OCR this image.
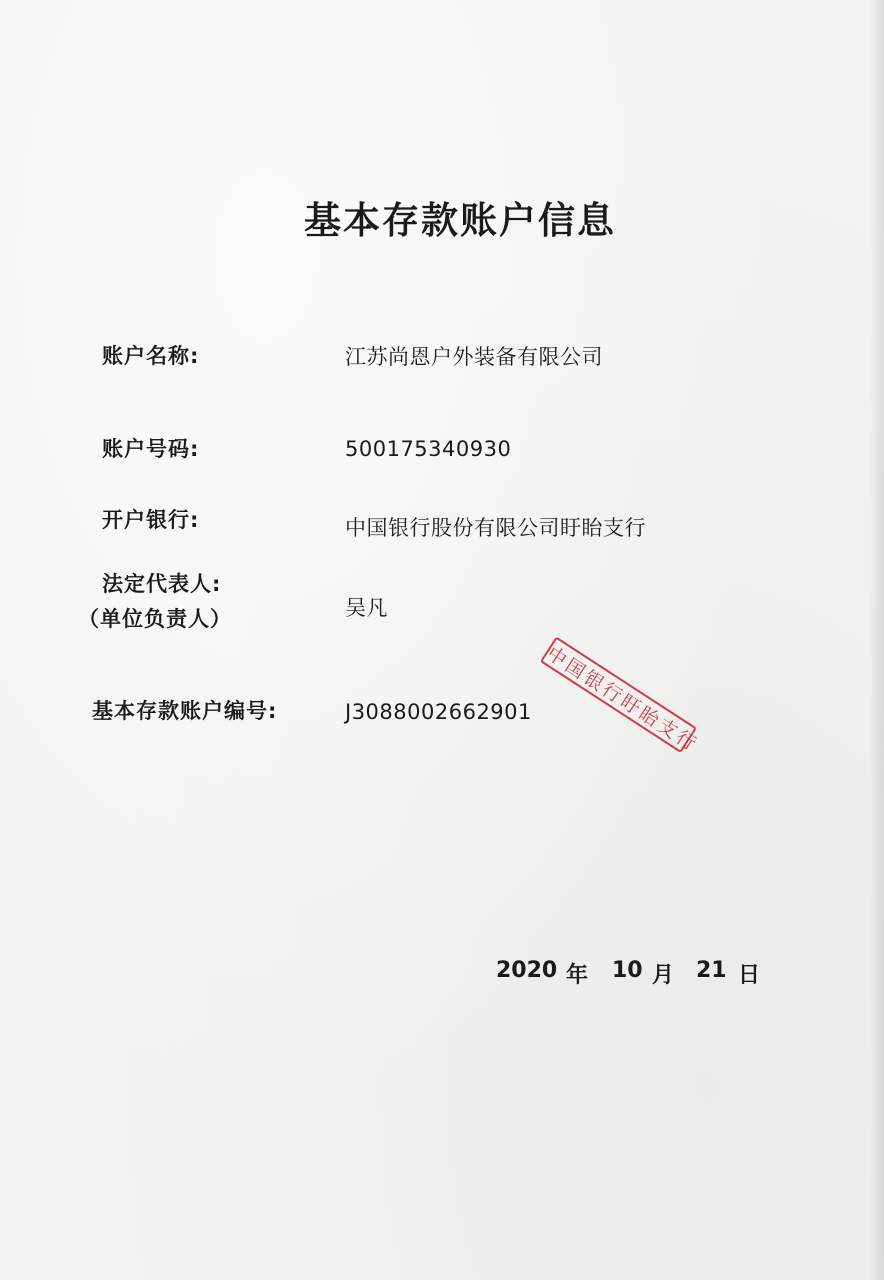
基本存款账户信息
账户名称:	江苏尚恩户外装备有限公司
账户号码:	500175340930
开户银行:	中国银行股份有限公司盱眙支行
法定代表人:
（单位负责人）	吴凡
中国银行盱眙支行
基本存款账户编号:	J3088002662901
2020 年 10 月 21 日
